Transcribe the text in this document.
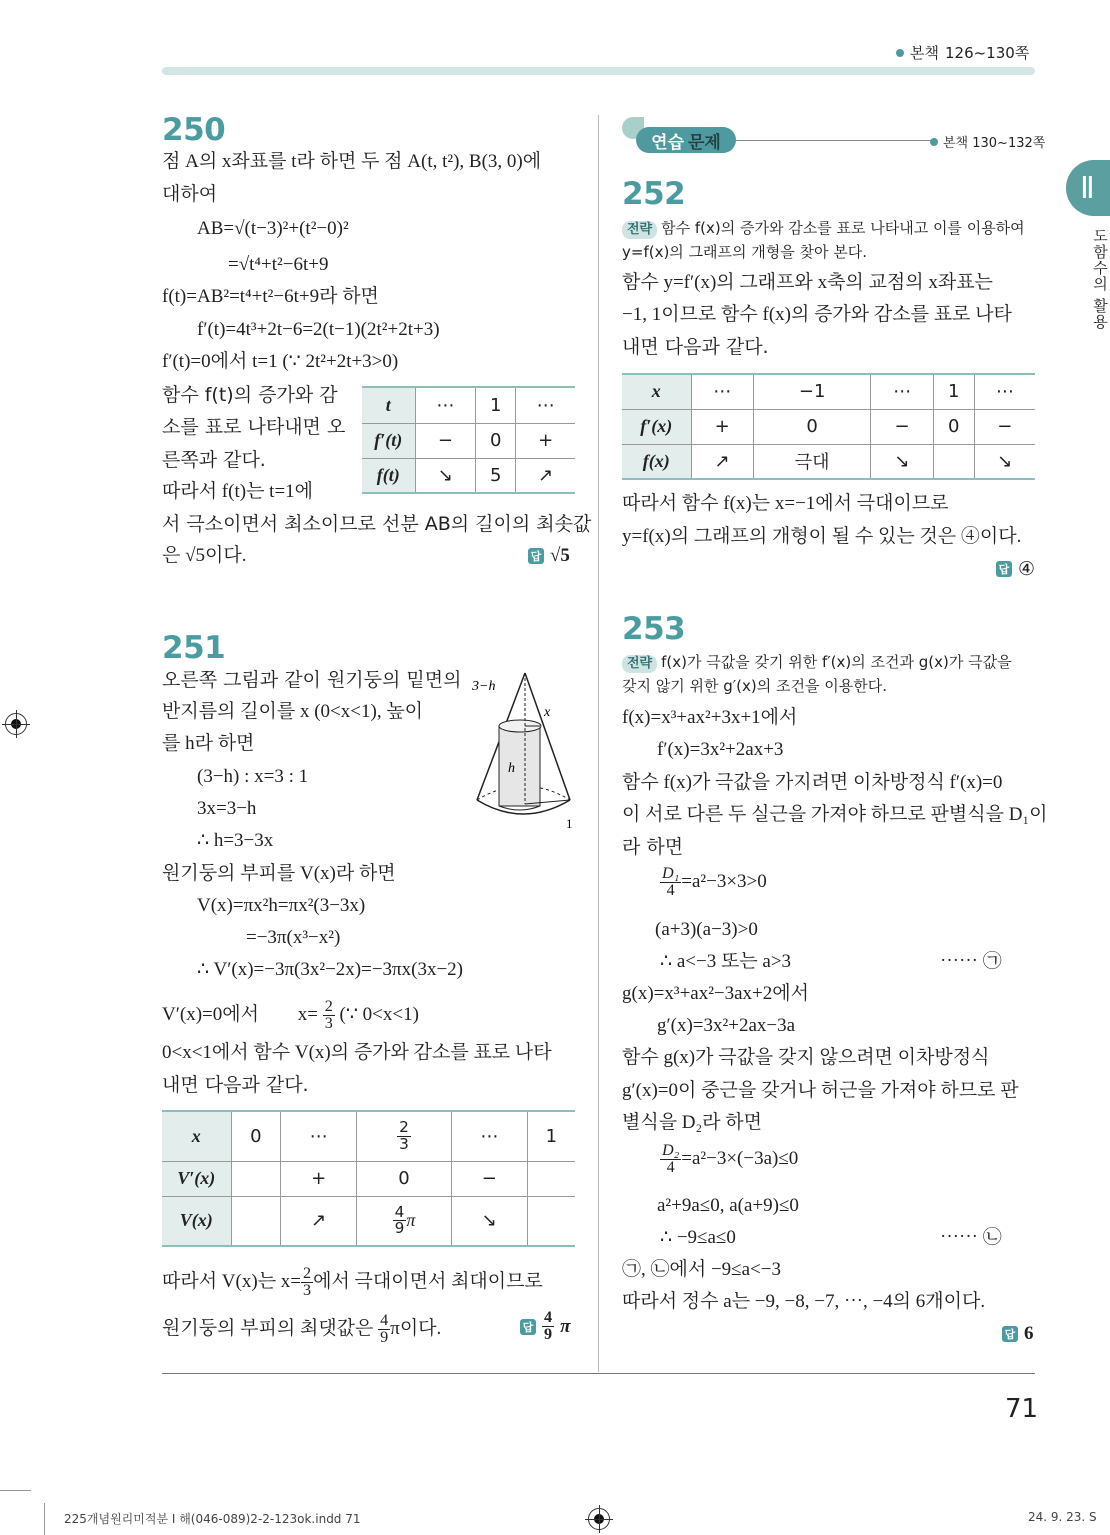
본책 126~130쪽
Ⅱ
도함수의 활용
250
점 A의 x좌표를 t라 하면 두 점 A(t, t²), B(3, 0)에
대하여
AB=√(t−3)²+(t²−0)²
=√t⁴+t²−6t+9
f(t)=AB²=t⁴+t²−6t+9라 하면
f′(t)=4t³+2t−6=2(t−1)(2t²+2t+3)
f′(t)=0에서 t=1 (∵ 2t²+2t+3>0)
함수 f(t)의 증가와 감
소를 표로 나타내면 오
른쪽과 같다.
따라서 f(t)는 t=1에
서 극소이면서 최소이므로 선분 AB의 길이의 최솟값
은 √5이다.
t	⋯	1	⋯
f′(t)	−	0	+
f(t)	↘	5	↗
답 √5
251
오른쪽 그림과 같이 원기둥의 밑면의
반지름의 길이를 x (0<x<1), 높이
를 h라 하면
(3−h) : x=3 : 1
3x=3−h
∴ h=3−3x
원기둥의 부피를 V(x)라 하면
V(x)=πx²h=πx²(3−3x)
=−3π(x³−x²)
∴ V′(x)=−3π(3x²−2x)=−3πx(3x−2)
V′(x)=0에서 $x= \frac{2}{3}$ (∵ 0<x<1)
0<x<1에서 함수 V(x)의 증가와 감소를 표로 나타
내면 다음과 같다.
3−h
x
h
1
x	0	⋯	$\frac{2}{3}$	⋯	1
V′(x)		+	0	−	
V(x)		↗	$\frac{4}{9}$ π	↘	
따라서 V(x)는 $x= \frac{2}{3}$ 에서 극대이면서 최대이므로
원기둥의 부피의 최댓값은 $\frac{4}{9}$ π이다.	답 $\frac{4}{9}$ π
연습 문제	본책 130~132쪽
252
전략 함수 f(x)의 증가와 감소를 표로 나타내고 이를 이용하여
y=f(x)의 그래프의 개형을 찾아 본다.
함수 y=f′(x)의 그래프와 x축의 교점의 x좌표는
−1, 1이므로 함수 f(x)의 증가와 감소를 표로 나타
내면 다음과 같다.
x	⋯	−1	⋯	1	⋯
f′(x)	+	0	−	0	−
f(x)	↗	극대	↘		↘
따라서 함수 f(x)는 x=−1에서 극대이므로
y=f(x)의 그래프의 개형이 될 수 있는 것은 ④이다.
답 ④
253
전략 f(x)가 극값을 갖기 위한 f′(x)의 조건과 g(x)가 극값을
갖지 않기 위한 g′(x)의 조건을 이용한다.
f(x)=x³+ax²+3x+1에서
f′(x)=3x²+2ax+3
함수 f(x)가 극값을 가지려면 이차방정식 f′(x)=0
이 서로 다른 두 실근을 가져야 하므로 판별식을 D₁이
라 하면
$\frac{\text{D₁}}{4} =a^2-3\times 3>0$
(a+3)(a−3)>0
∴ a<−3 또는 a>3	⋯⋯ ㉠
g(x)=x³+ax²−3ax+2에서
g′(x)=3x²+2ax−3a
함수 g(x)가 극값을 갖지 않으려면 이차방정식
g′(x)=0이 중근을 갖거나 허근을 가져야 하므로 판
별식을 D₂라 하면
$\frac{\text{D₂}}{4} =a^2-3\times(-3a)\le 0$
a²+9a≤0, a(a+9)≤0
∴ −9≤a≤0	⋯⋯ ㉡
㉠, ㉡에서 −9≤a<−3
따라서 정수 a는 −9, −8, −7, ⋯, −4의 6개이다.
답 6
71
225개념원리미적분 I 해(046-089)2-2-123ok.indd 71	24. 9. 23. S
